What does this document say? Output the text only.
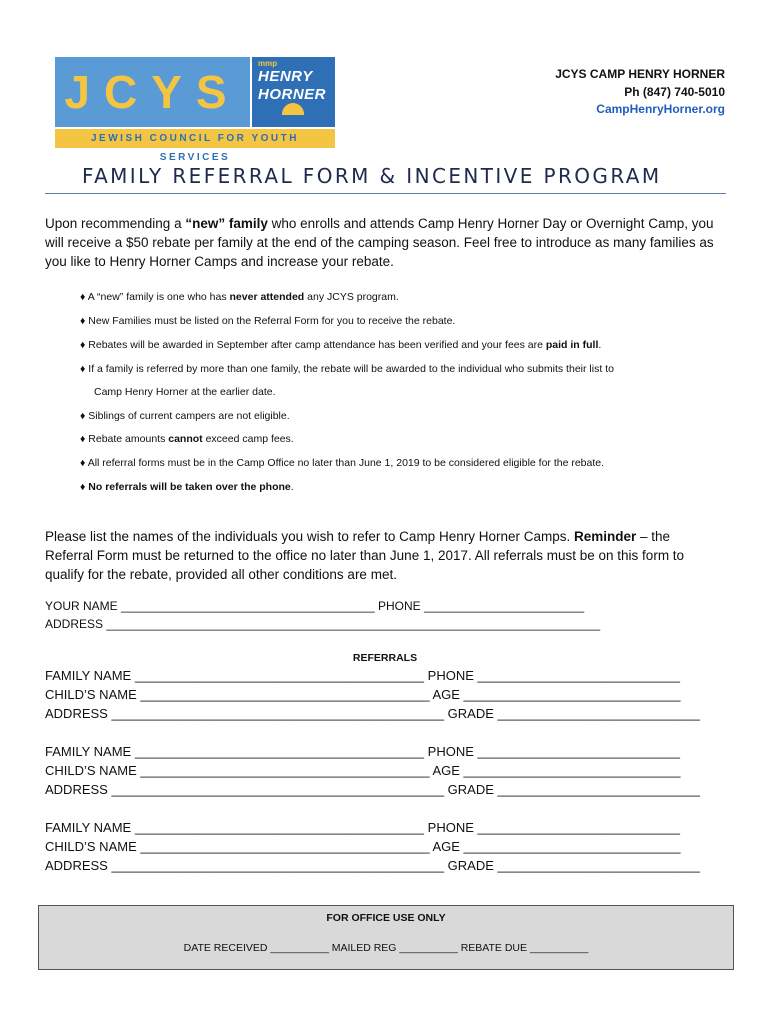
JCYS
mmp
HENRY
HORNER
JEWISH COUNCIL FOR YOUTH SERVICES
JCYS CAMP HENRY HORNER
Ph (847) 740-5010
CampHenryHorner.org
FAMILY REFERRAL FORM & INCENTIVE PROGRAM
Upon recommending a “new” family who enrolls and attends Camp Henry Horner Day or Overnight Camp, you will receive a $50 rebate per family at the end of the camping season. Feel free to introduce as many families as you like to Henry Horner Camps and increase your rebate.
♦ A “new” family is one who has never attended any JCYS program.
♦ New Families must be listed on the Referral Form for you to receive the rebate.
♦ Rebates will be awarded in September after camp attendance has been verified and your fees are paid in full.
♦ If a family is referred by more than one family, the rebate will be awarded to the individual who submits their list to
Camp Henry Horner at the earlier date.
♦ Siblings of current campers are not eligible.
♦ Rebate amounts cannot exceed camp fees.
♦ All referral forms must be in the Camp Office no later than June 1, 2019 to be considered eligible for the rebate.
♦ No referrals will be taken over the phone.
Please list the names of the individuals you wish to refer to Camp Henry Horner Camps. Reminder – the Referral Form must be returned to the office no later than June 1, 2017. All referrals must be on this form to qualify for the rebate, provided all other conditions are met.
YOUR NAME ______________________________________ PHONE ________________________
ADDRESS __________________________________________________________________________
REFERRALS
FAMILY NAME ________________________________________ PHONE ____________________________
CHILD’S NAME ________________________________________ AGE ______________________________
ADDRESS ______________________________________________ GRADE ____________________________
FAMILY NAME ________________________________________ PHONE ____________________________
CHILD’S NAME ________________________________________ AGE ______________________________
ADDRESS ______________________________________________ GRADE ____________________________
FAMILY NAME ________________________________________ PHONE ____________________________
CHILD’S NAME ________________________________________ AGE ______________________________
ADDRESS ______________________________________________ GRADE ____________________________
FOR OFFICE USE ONLY
DATE RECEIVED __________ MAILED REG __________ REBATE DUE __________
